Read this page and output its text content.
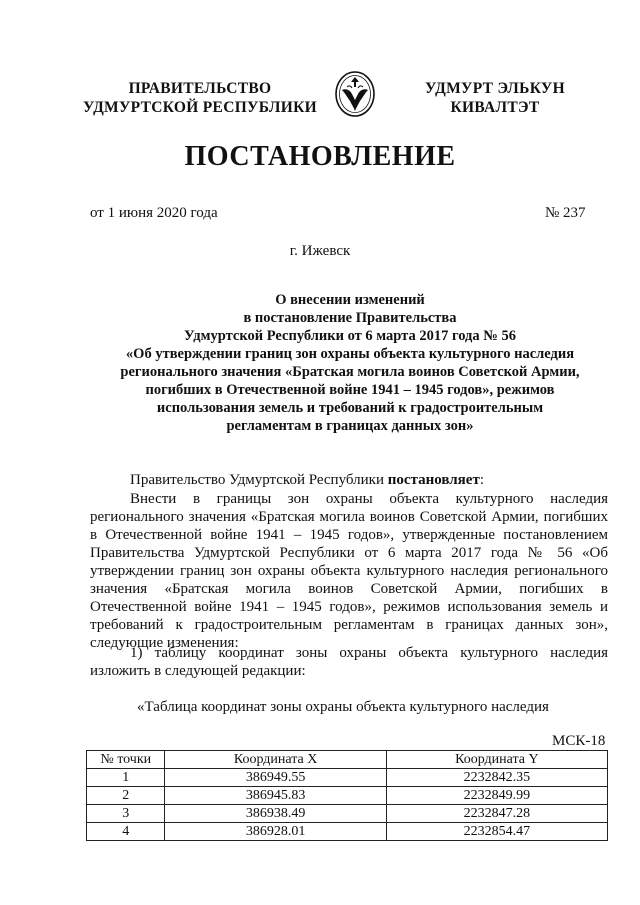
ПРАВИТЕЛЬСТВО
УДМУРТСКОЙ РЕСПУБЛИКИ
УДМУРТ ЭЛЬКУН
КИВАЛТЭТ
ПОСТАНОВЛЕНИЕ
от 1 июня 2020 года	№ 237
г. Ижевск
О внесении изменений
в постановление Правительства
Удмуртской Республики от 6 марта 2017 года № 56
«Об утверждении границ зон охраны объекта культурного наследия
регионального значения «Братская могила воинов Советской Армии,
погибших в Отечественной войне 1941 – 1945 годов», режимов
использования земель и требований к градостроительным
регламентам в границах данных зон»
Правительство Удмуртской Республики постановляет:
Внести в границы зон охраны объекта культурного наследия регионального значения «Братская могила воинов Советской Армии, погибших в Отечественной войне 1941 – 1945 годов», утвержденные постановлением Правительства Удмуртской Республики от 6 марта 2017 года № 56 «Об утверждении границ зон охраны объекта культурного наследия регионального значения «Братская могила воинов Советской Армии, погибших в Отечественной войне 1941 – 1945 годов», режимов использования земель и требований к градостроительным регламентам в границах данных зон», следующие изменения:
1) таблицу координат зоны охраны объекта культурного наследия изложить в следующей редакции:
«Таблица координат зоны охраны объекта культурного наследия
МСК-18
№ точки	Координата X	Координата Y
1	386949.55	2232842.35
2	386945.83	2232849.99
3	386938.49	2232847.28
4	386928.01	2232854.47
